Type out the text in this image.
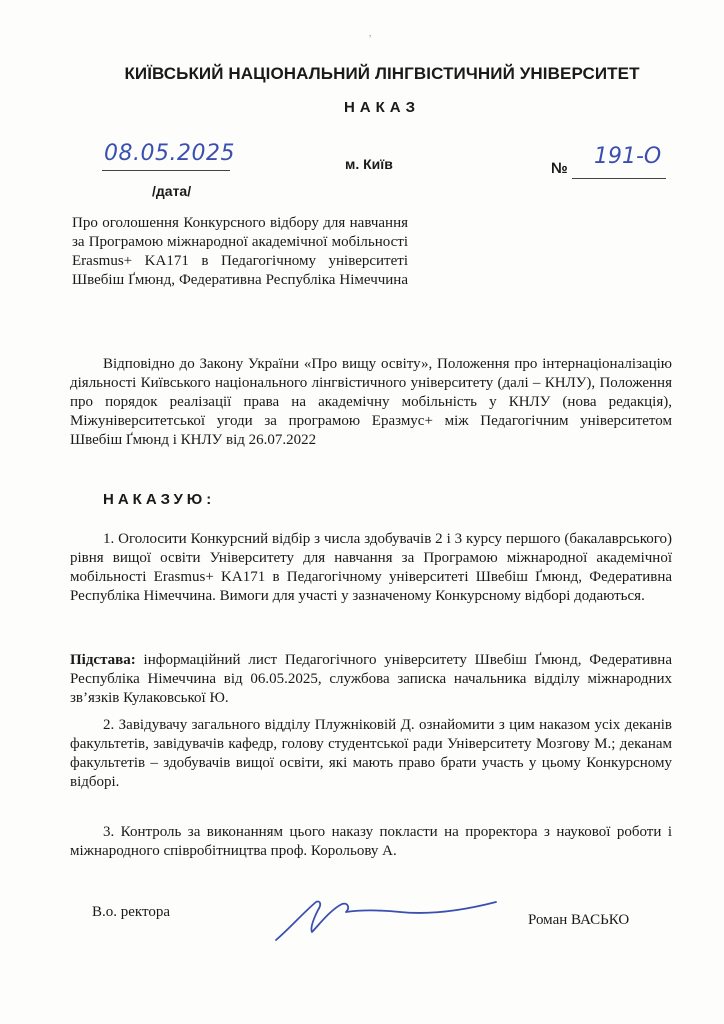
,
КИЇВСЬКИЙ НАЦІОНАЛЬНИЙ ЛІНГВІСТИЧНИЙ УНІВЕРСИТЕТ
НАКАЗ
08.05.2025
/дата/
м. Київ	№ 191-О
Про оголошення Конкурсного відбору для навчання за Програмою міжнародної академічної мобільності Erasmus+ KA171 в Педагогічному університеті Швебіш Ґмюнд, Федеративна Республіка Німеччина
Відповідно до Закону України «Про вищу освіту», Положення про інтернаціоналізацію діяльності Київського національного лінгвістичного університету (далі – КНЛУ), Положення про порядок реалізації права на академічну мобільність у КНЛУ (нова редакція), Міжуніверситетської угоди за програмою Еразмус+ між Педагогічним університетом Швебіш Ґмюнд і КНЛУ від 26.07.2022
НАКАЗУЮ:
1. Оголосити Конкурсний відбір з числа здобувачів 2 і 3 курсу першого (бакалаврського) рівня вищої освіти Університету для навчання за Програмою міжнародної академічної мобільності Erasmus+ KA171 в Педагогічному університеті Швебіш Ґмюнд, Федеративна Республіка Німеччина. Вимоги для участі у зазначеному Конкурсному відборі додаються.
Підстава: інформаційний лист Педагогічного університету Швебіш Ґмюнд, Федеративна Республіка Німеччина від 06.05.2025, службова записка начальника відділу міжнародних зв’язків Кулаковської Ю.
2. Завідувачу загального відділу Плужніковій Д. ознайомити з цим наказом усіх деканів факультетів, завідувачів кафедр, голову студентської ради Університету Мозгову М.; деканам факультетів – здобувачів вищої освіти, які мають право брати участь у цьому Конкурсному відборі.
3. Контроль за виконанням цього наказу покласти на проректора з наукової роботи і міжнародного співробітництва проф. Корольову А.
В.о. ректора	Роман ВАСЬКО
